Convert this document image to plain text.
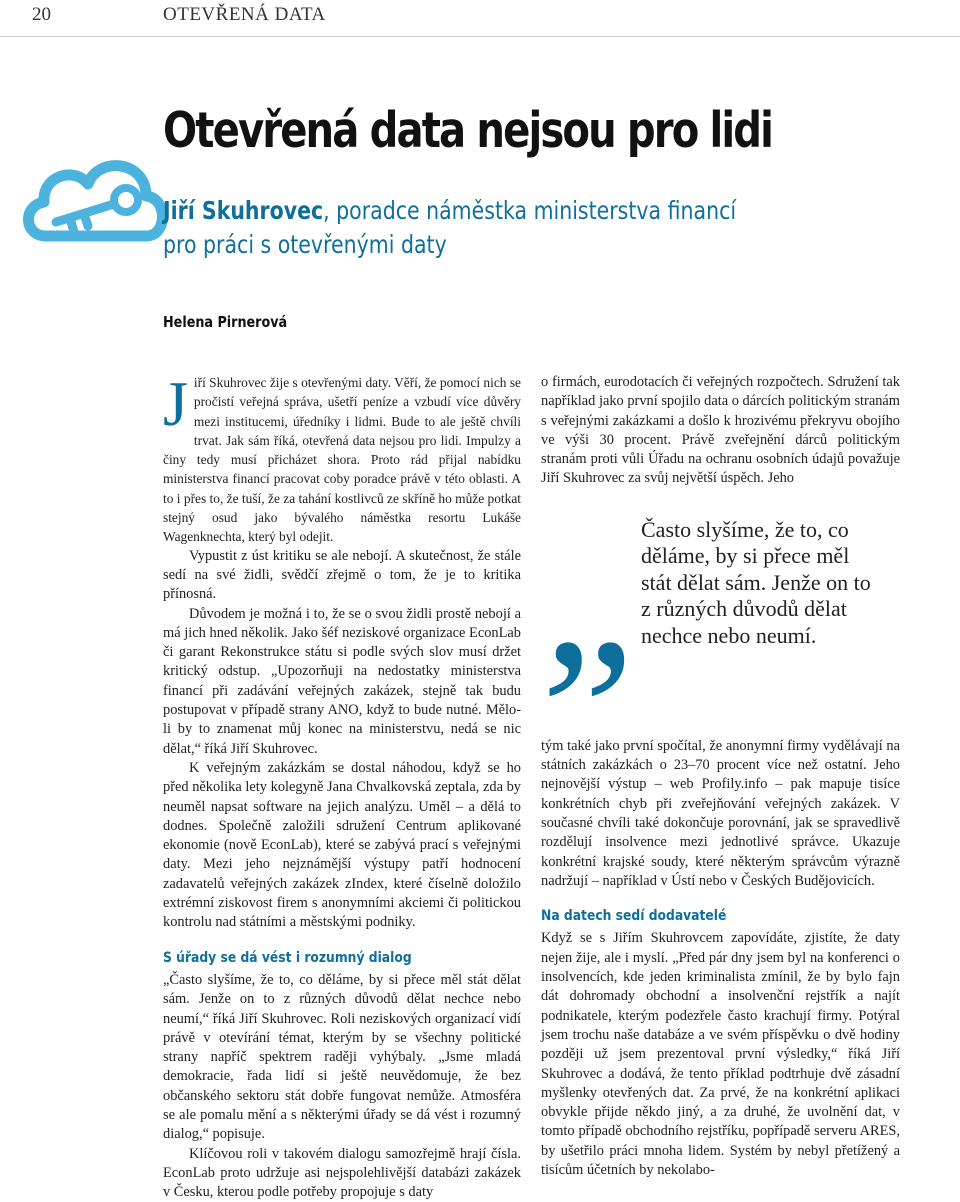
20	OTEVŘENÁ DATA
Otevřená data nejsou pro lidi
Jiří Skuhrovec, poradce náměstka ministerstva financí
pro práci s otevřenými daty
Helena Pirnerová

Jiří Skuhrovec žije s otevřenými daty. Věří, že pomocí nich se pročistí veřejná správa, ušetří peníze a vzbudí více důvěry mezi institucemi, úředníky i lidmi. Bude to ale ještě chvíli trvat. Jak sám říká, otevřená data nejsou pro lidi. Impulzy a činy tedy musí přicházet shora. Proto rád přijal nabídku ministerstva financí pracovat coby poradce právě v této oblasti. A to i přes to, že tuší, že za tahání kostlivců ze skříně ho může potkat stejný osud jako bývalého náměstka resortu Lukáše Wagenknechta, který byl odejit.

Vypustit z úst kritiku se ale nebojí. A skutečnost, že stále sedí na své židli, svědčí zřejmě o tom, že je to kritika přínosná.

Důvodem je možná i to, že se o svou židli prostě nebojí a má jich hned několik. Jako šéf neziskové organizace EconLab či garant Rekonstrukce státu si podle svých slov musí držet kritický odstup. „Upozorňuji na nedostatky ministerstva financí při zadávání veřejných zakázek, stejně tak budu postupovat v případě strany ANO, když to bude nutné. Mělo-li by to znamenat můj konec na ministerstvu, nedá se nic dělat,“ říká Jiří Skuhrovec.

K veřejným zakázkám se dostal náhodou, když se ho před několika lety kolegyně Jana Chvalkovská zeptala, zda by neuměl napsat software na jejich analýzu. Uměl – a dělá to dodnes. Společně založili sdružení Centrum aplikované ekonomie (nově EconLab), které se zabývá prací s veřejnými daty. Mezi jeho nejznámější výstupy patří hodnocení zadavatelů veřejných zakázek zIndex, které číselně doložilo extrémní ziskovost firem s anonymními akciemi či politickou kontrolu nad státními a městskými podniky.

S úřady se dá vést i rozumný dialog

„Často slyšíme, že to, co děláme, by si přece měl stát dělat sám. Jenže on to z různých důvodů dělat nechce nebo neumí,“ říká Jiří Skuhrovec. Roli neziskových organizací vidí právě v otevírání témat, kterým by se všechny politické strany napříč spektrem raději vyhýbaly. „Jsme mladá demokracie, řada lidí si ještě neuvědomuje, že bez občanského sektoru stát dobře fungovat nemůže. Atmosféra se ale pomalu mění a s některými úřady se dá vést i rozumný dialog,“ popisuje.

Klíčovou roli v takovém dialogu samozřejmě hrají čísla. EconLab proto udržuje asi nejspolehlivější databázi zakázek v Česku, kterou podle potřeby propojuje s daty

o firmách, eurodotacích či veřejných rozpočtech. Sdružení tak například jako první spojilo data o dárcích politickým stranám s veřejnými zakázkami a došlo k hrozivému překryvu obojího ve výši 30 procent. Právě zveřejnění dárců politickým stranám proti vůli Úřadu na ochranu osobních údajů považuje Jiří Skuhrovec za svůj největší úspěch. Jeho

„
Často slyšíme, že to, co děláme, by si přece měl stát dělat sám. Jenže on to z různých důvodů dělat nechce nebo neumí.

tým také jako první spočítal, že anonymní firmy vydělávají na státních zakázkách o 23–70 procent více než ostatní. Jeho nejnovější výstup – web Profily.info – pak mapuje tisíce konkrétních chyb při zveřejňování veřejných zakázek. V současné chvíli také dokončuje porovnání, jak se spravedlivě rozdělují insolvence mezi jednotlivé správce. Ukazuje konkrétní krajské soudy, které některým správcům výrazně nadržují – například v Ústí nebo v Českých Budějovicích.

Na datech sedí dodavatelé

Když se s Jiřím Skuhrovcem zapovídáte, zjistíte, že daty nejen žije, ale i myslí. „Před pár dny jsem byl na konferenci o insolvencích, kde jeden kriminalista zmínil, že by bylo fajn dát dohromady obchodní a insolvenční rejstřík a najít podnikatele, kterým podezřele často krachují firmy. Potýral jsem trochu naše databáze a ve svém příspěvku o dvě hodiny později už jsem prezentoval první výsledky,“ říká Jiří Skuhrovec a dodává, že tento příklad podtrhuje dvě zásadní myšlenky otevřených dat. Za prvé, že na konkrétní aplikaci obvykle přijde někdo jiný, a za druhé, že uvolnění dat, v tomto případě obchodního rejstříku, popřípadě serveru ARES, by ušetřilo práci mnoha lidem. Systém by nebyl přetížený a tisícům účetních by nekolabo-
